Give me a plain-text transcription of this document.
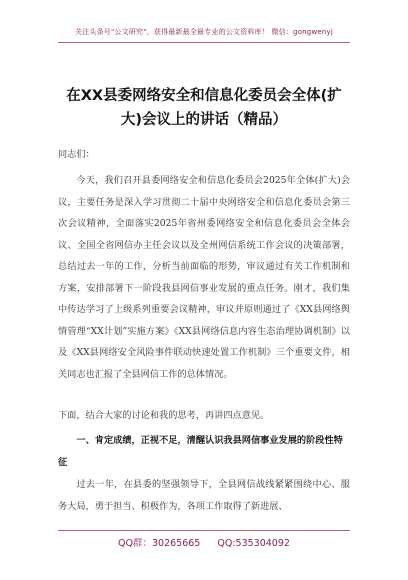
关注头条号"公文研究"，获得最新最全最专业的公文资料库！ 微信：gongwenyj
在XX县委网络安全和信息化委员会全体(扩大)会议上的讲话（精品）
同志们：
今天，我们召开县委网络安全和信息化委员会2025年全体(扩大)会议，主要任务是深入学习贯彻二十届中央网络安全和信息化委员会第三次会议精神，全面落实2025年省州委网络安全和信息化委员会全体会议、全国全省网信办主任会议以及全州网信系统工作会议的决策部署，总结过去一年的工作，分析当前面临的形势，审议通过有关工作机制和方案，安排部署下一阶段我县网信事业发展的重点任务。刚才，我们集中传达学习了上级系列重要会议精神，审议并原则通过了《XX县网络舆情管理“XX计划”实施方案》《XX县网络信息内容生态治理协调机制》以及《XX县网络安全风险事件联动快速处置工作机制》三个重要文件，相关同志也汇报了全县网信工作的总体情况。
下面，结合大家的讨论和我的思考，再讲四点意见。
一、肯定成绩，正视不足，清醒认识我县网信事业发展的阶段性特征
过去一年，在县委的坚强领导下，全县网信战线紧紧围绕中心、服务大局，勇于担当、积极作为，各项工作取得了新进展、
QQ群：30265665 QQ:535304092
